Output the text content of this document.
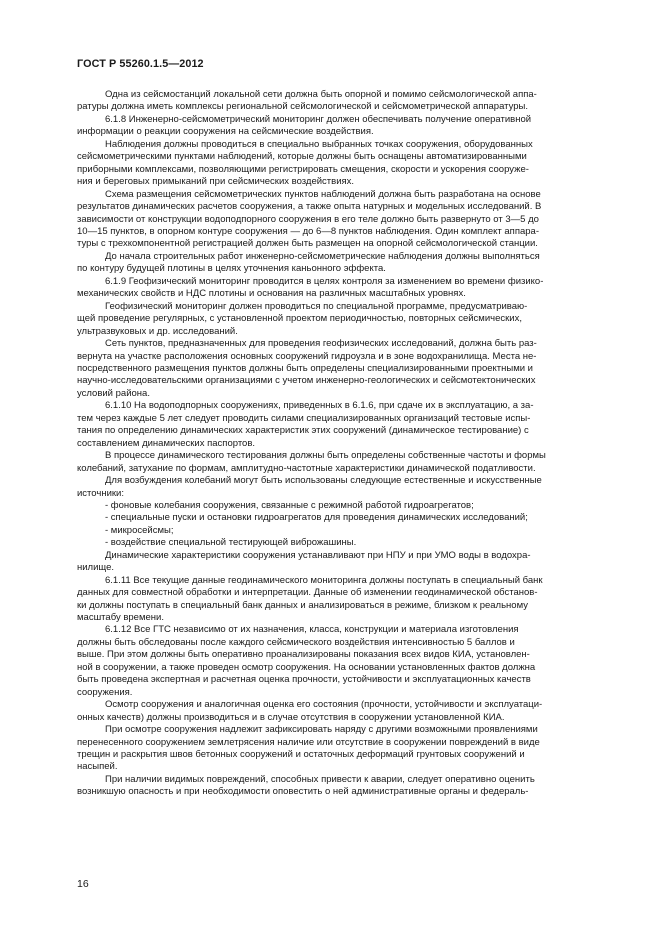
ГОСТ Р 55260.1.5—2012

Одна из сейсмостанций локальной сети должна быть опорной и помимо сейсмологической аппа-
ратуры должна иметь комплексы региональной сейсмологической и сейсмометрической аппаратуры.

6.1.8 Инженерно-сейсмометрический мониторинг должен обеспечивать получение оперативной
информации о реакции сооружения на сейсмические воздействия.

Наблюдения должны проводиться в специально выбранных точках сооружения, оборудованных
сейсмометрическими пунктами наблюдений, которые должны быть оснащены автоматизированными
приборными комплексами, позволяющими регистрировать смещения, скорости и ускорения сооруже-
ния и береговых примыканий при сейсмических воздействиях.

Схема размещения сейсмометрических пунктов наблюдений должна быть разработана на основе
результатов динамических расчетов сооружения, а также опыта натурных и модельных исследований. В
зависимости от конструкции водоподпорного сооружения в его теле должно быть развернуто от 3—5 до
10—15 пунктов, в опорном контуре сооружения — до 6—8 пунктов наблюдения. Один комплект аппара-
туры с трехкомпонентной регистрацией должен быть размещен на опорной сейсмологической станции.

До начала строительных работ инженерно-сейсмометрические наблюдения должны выполняться
по контуру будущей плотины в целях уточнения каньонного эффекта.

6.1.9 Геофизический мониторинг проводится в целях контроля за изменением во времени физико-
механических свойств и НДС плотины и основания на различных масштабных уровнях.

Геофизический мониторинг должен проводиться по специальной программе, предусматриваю-
щей проведение регулярных, с установленной проектом периодичностью, повторных сейсмических,
ультразвуковых и др. исследований.

Сеть пунктов, предназначенных для проведения геофизических исследований, должна быть раз-
вернута на участке расположения основных сооружений гидроузла и в зоне водохранилища. Места не-
посредственного размещения пунктов должны быть определены специализированными проектными и
научно-исследовательскими организациями с учетом инженерно-геологических и сейсмотектонических
условий района.

6.1.10 На водоподпорных сооружениях, приведенных в 6.1.6, при сдаче их в эксплуатацию, а за-
тем через каждые 5 лет следует проводить силами специализированных организаций тестовые испы-
тания по определению динамических характеристик этих сооружений (динамическое тестирование) с
составлением динамических паспортов.

В процессе динамического тестирования должны быть определены собственные частоты и формы
колебаний, затухание по формам, амплитудно-частотные характеристики динамической податливости.

Для возбуждения колебаний могут быть использованы следующие естественные и искусственные
источники:

- фоновые колебания сооружения, связанные с режимной работой гидроагрегатов;

- специальные пуски и остановки гидроагрегатов для проведения динамических исследований;

- микросейсмы;

- воздействие специальной тестирующей виброжашины.

Динамические характеристики сооружения устанавливают при НПУ и при УМО воды в водохра-
нилище.

6.1.11 Все текущие данные геодинамического мониторинга должны поступать в специальный банк
данных для совместной обработки и интерпретации. Данные об изменении геодинамической обстанов-
ки должны поступать в специальный банк данных и анализироваться в режиме, близком к реальному
масштабу времени.

6.1.12 Все ГТС независимо от их назначения, класса, конструкции и материала изготовления
должны быть обследованы после каждого сейсмического воздействия интенсивностью 5 баллов и
выше. При этом должны быть оперативно проанализированы показания всех видов КИА, установлен-
ной в сооружении, а также проведен осмотр сооружения. На основании установленных фактов должна
быть проведена экспертная и расчетная оценка прочности, устойчивости и эксплуатационных качеств
сооружения.

Осмотр сооружения и аналогичная оценка его состояния (прочности, устойчивости и эксплуатаци-
онных качеств) должны производиться и в случае отсутствия в сооружении установленной КИА.

При осмотре сооружения надлежит зафиксировать наряду с другими возможными проявлениями
перенесенного сооружением землетрясения наличие или отсутствие в сооружении повреждений в виде
трещин и раскрытия швов бетонных сооружений и остаточных деформаций грунтовых сооружений и
насыпей.

При наличии видимых повреждений, способных привести к аварии, следует оперативно оценить
возникшую опасность и при необходимости оповестить о ней административные органы и федераль-

16
